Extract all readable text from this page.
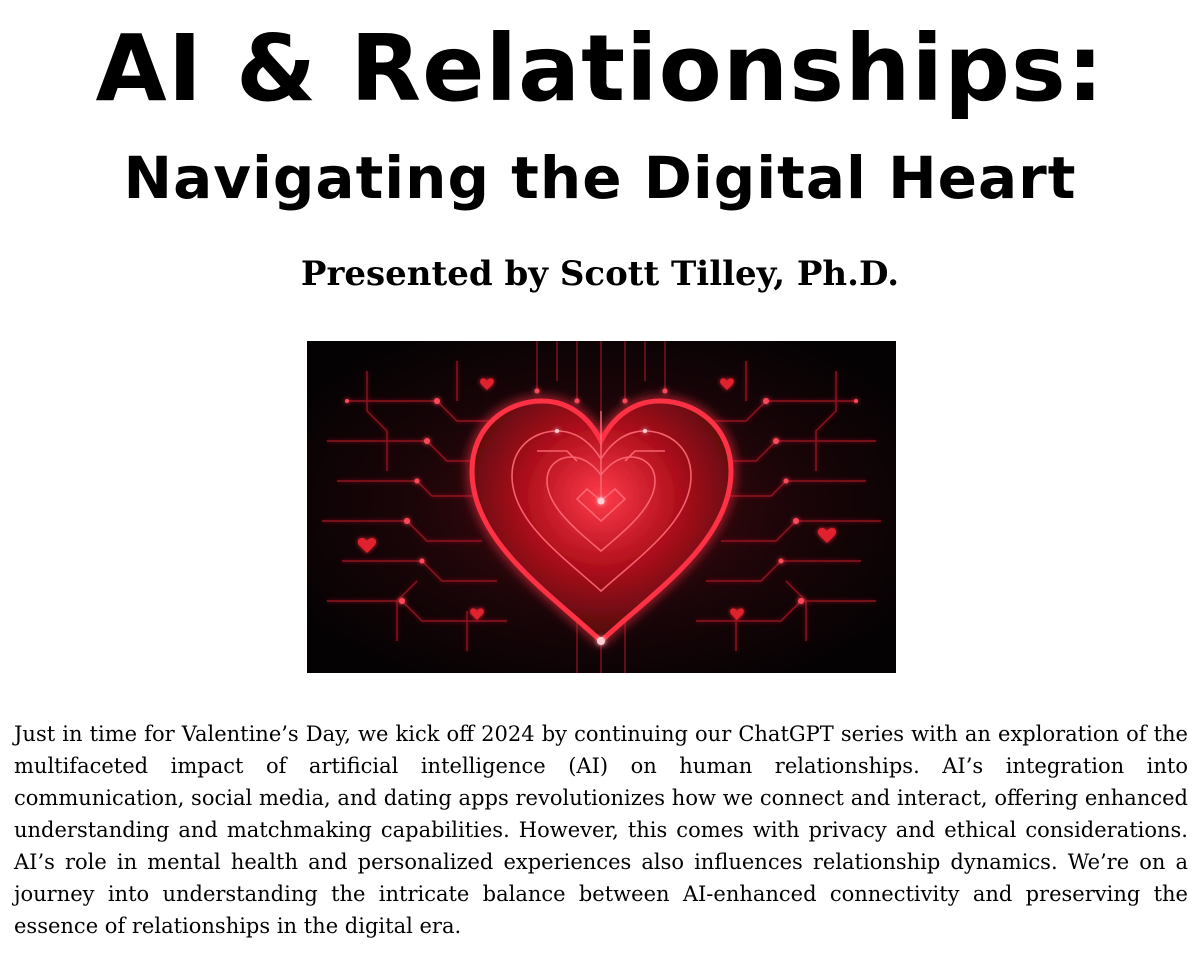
AI & Relationships:
Navigating the Digital Heart
Presented by Scott Tilley, Ph.D.

Just in time for Valentine’s Day, we kick off 2024 by continuing our ChatGPT series with an exploration of the multifaceted impact of artificial intelligence (AI) on human relationships. AI’s integration into communication, social media, and dating apps revolutionizes how we connect and interact, offering enhanced understanding and matchmaking capabilities. However, this comes with privacy and ethical considerations. AI’s role in mental health and personalized experiences also influences relationship dynamics. We’re on a journey into understanding the intricate balance between AI-enhanced connectivity and preserving the essence of relationships in the digital era.
